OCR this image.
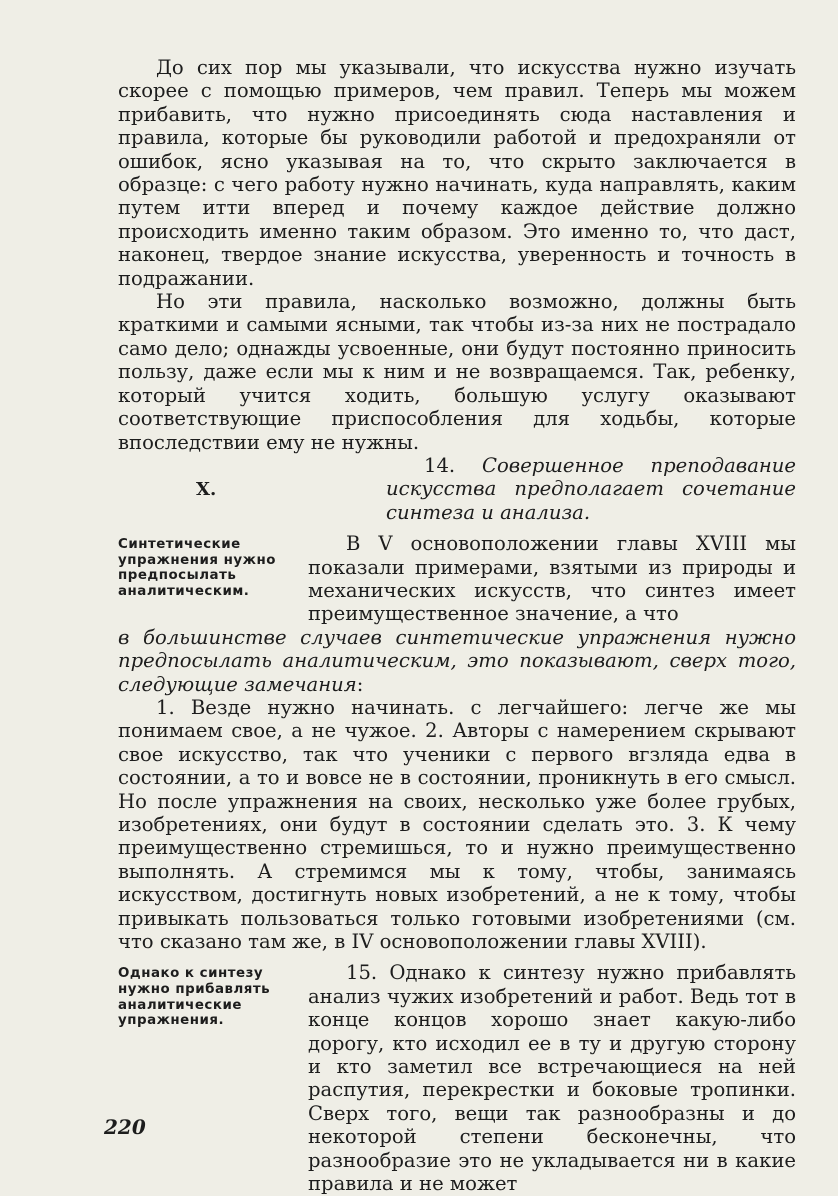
До сих пор мы указывали, что искусства нужно изучать скорее с помощью примеров, чем правил. Теперь мы можем прибавить, что нужно присоединять сюда наставления и правила, которые бы руководили работой и предохраняли от ошибок, ясно указывая на то, что скрыто заключается в образце: с чего работу нужно начинать, куда направлять, каким путем итти вперед и почему каждое действие должно происходить именно таким образом. Это именно то, что даст, наконец, твердое знание искусства, уверенность и точность в подражании.

Но эти правила, насколько возможно, должны быть краткими и самыми ясными, так чтобы из-за них не пострадало само дело; однажды усвоенные, они будут постоянно приносить пользу, даже если мы к ним и не возвращаемся. Так, ребенку, который учится ходить, большую услугу оказывают соответствующие приспособления для ходьбы, которые впоследствии ему не нужны.

X.

14. Совершенное преподавание искусства предполагает сочетание синтеза и анализа.

Синтетические упражнения нужно предпосылать аналитическим.

В V основоположении главы XVIII мы показали примерами, взятыми из природы и механических искусств, что синтез имеет преимущественное значение, а что

в большинстве случаев синтетические упражнения нужно предпосылать аналитическим, это показывают, сверх того, следующие замечания:

1. Везде нужно начинать. с легчайшего: легче же мы понимаем свое, а не чужое. 2. Авторы с намерением скрывают свое искусство, так что ученики с первого вгзляда едва в состоянии, а то и вовсе не в состоянии, проникнуть в его смысл. Но после упражнения на своих, несколько уже более грубых, изобретениях, они будут в состоянии сделать это. 3. К чему преимущественно стремишься, то и нужно преимущественно выполнять. А стремимся мы к тому, чтобы, занимаясь искусством, достигнуть новых изобретений, а не к тому, чтобы привыкать пользоваться только готовыми изобретениями (см. что сказано там же, в IV основоположении главы XVIII).

Однако к синтезу нужно прибавлять аналитические упражнения.

15. Однако к синтезу нужно прибавлять анализ чужих изобретений и работ. Ведь тот в конце концов хорошо знает какую-либо дорогу, кто исходил ее в ту и другую сторону и кто заметил все встречающиеся на ней распутия, перекрестки и боковые тропинки. Сверх того, вещи так разнообразны и до некоторой степени бесконечны, что разнообразие это не укладывается ни в какие правила и не может

220
